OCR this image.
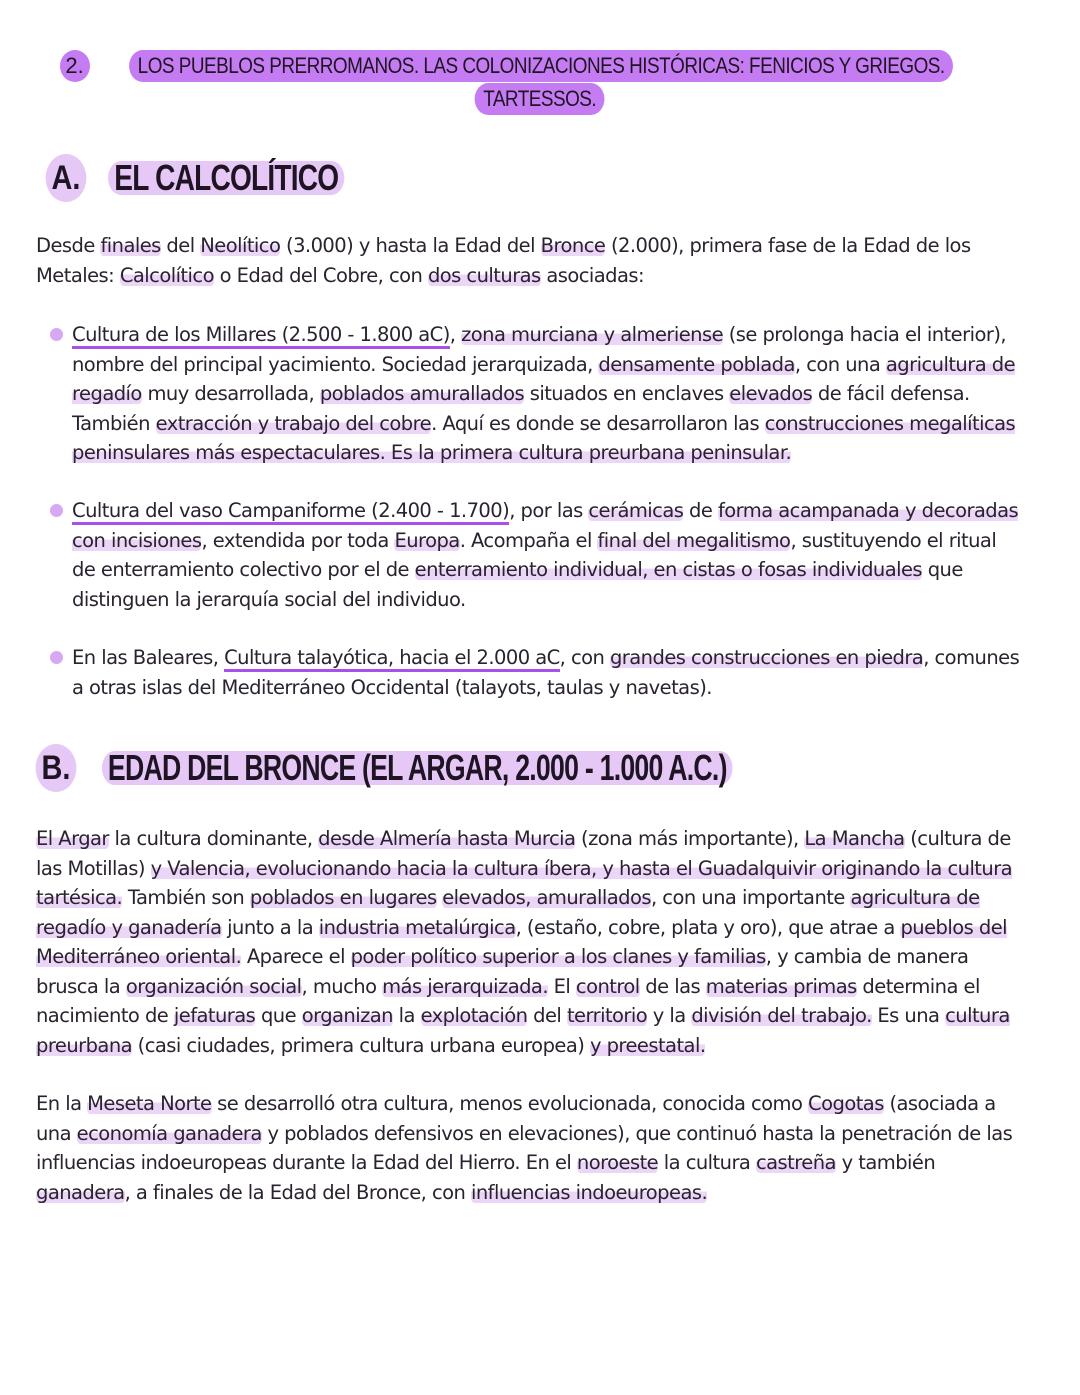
2. LOS PUEBLOS PRERROMANOS. LAS COLONIZACIONES HISTÓRICAS: FENICIOS Y GRIEGOS.
TARTESSOS.
A. EL CALCOLÍTICO

Desde finales del Neolítico (3.000) y hasta la Edad del Bronce (2.000), primera fase de la Edad de los Metales: Calcolítico o Edad del Cobre, con dos culturas asociadas:

Cultura de los Millares (2.500 - 1.800 aC), zona murciana y almeriense (se prolonga hacia el interior), nombre del principal yacimiento. Sociedad jerarquizada, densamente poblada, con una agricultura de regadío muy desarrollada, poblados amurallados situados en enclaves elevados de fácil defensa. También extracción y trabajo del cobre. Aquí es donde se desarrollaron las construcciones megalíticas peninsulares más espectaculares. Es la primera cultura preurbana peninsular.

Cultura del vaso Campaniforme (2.400 - 1.700), por las cerámicas de forma acampanada y decoradas con incisiones, extendida por toda Europa. Acompaña el final del megalitismo, sustituyendo el ritual de enterramiento colectivo por el de enterramiento individual, en cistas o fosas individuales que distinguen la jerarquía social del individuo.

En las Baleares, Cultura talayótica, hacia el 2.000 aC, con grandes construcciones en piedra, comunes a otras islas del Mediterráneo Occidental (talayots, taulas y navetas).

B. EDAD DEL BRONCE (EL ARGAR, 2.000 - 1.000 A.C.)

El Argar la cultura dominante, desde Almería hasta Murcia (zona más importante), La Mancha (cultura de las Motillas) y Valencia, evolucionando hacia la cultura íbera, y hasta el Guadalquivir originando la cultura tartésica. También son poblados en lugares elevados, amurallados, con una importante agricultura de regadío y ganadería junto a la industria metalúrgica, (estaño, cobre, plata y oro), que atrae a pueblos del Mediterráneo oriental. Aparece el poder político superior a los clanes y familias, y cambia de manera brusca la organización social, mucho más jerarquizada. El control de las materias primas determina el nacimiento de jefaturas que organizan la explotación del territorio y la división del trabajo. Es una cultura preurbana (casi ciudades, primera cultura urbana europea) y preestatal.

En la Meseta Norte se desarrolló otra cultura, menos evolucionada, conocida como Cogotas (asociada a una economía ganadera y poblados defensivos en elevaciones), que continuó hasta la penetración de las influencias indoeuropeas durante la Edad del Hierro. En el noroeste la cultura castreña y también ganadera, a finales de la Edad del Bronce, con influencias indoeuropeas.
